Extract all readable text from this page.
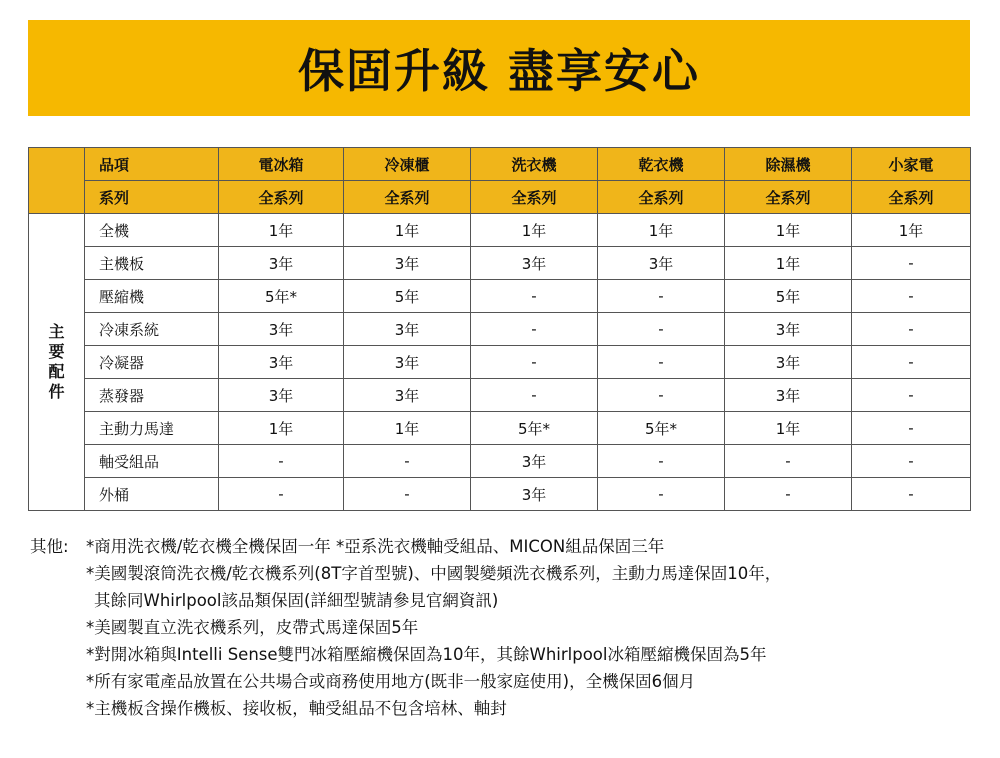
保固升級 盡享安心
	品項	電冰箱	冷凍櫃	洗衣機	乾衣機	除濕機	小家電
	系列	全系列	全系列	全系列	全系列	全系列	全系列
主要配件	全機	1年	1年	1年	1年	1年	1年
	主機板	3年	3年	3年	3年	1年	-
	壓縮機	5年*	5年	-	-	5年	-
	冷凍系統	3年	3年	-	-	3年	-
	冷凝器	3年	3年	-	-	3年	-
	蒸發器	3年	3年	-	-	3年	-
	主動力馬達	1年	1年	5年*	5年*	1年	-
	軸受組品	-	-	3年	-	-	-
	外桶	-	-	3年	-	-	-
其他: *商用洗衣機/乾衣機全機保固一年 *亞系洗衣機軸受組品、MICON組品保固三年
*美國製滾筒洗衣機/乾衣機系列(8T字首型號)、中國製變頻洗衣機系列，主動力馬達保固10年，
其餘同Whirlpool該品類保固(詳細型號請參見官網資訊)
*美國製直立洗衣機系列，皮帶式馬達保固5年
*對開冰箱與Intelli Sense雙門冰箱壓縮機保固為10年，其餘Whirlpool冰箱壓縮機保固為5年
*所有家電產品放置在公共場合或商務使用地方(既非一般家庭使用)，全機保固6個月
*主機板含操作機板、接收板，軸受組品不包含培林、軸封
